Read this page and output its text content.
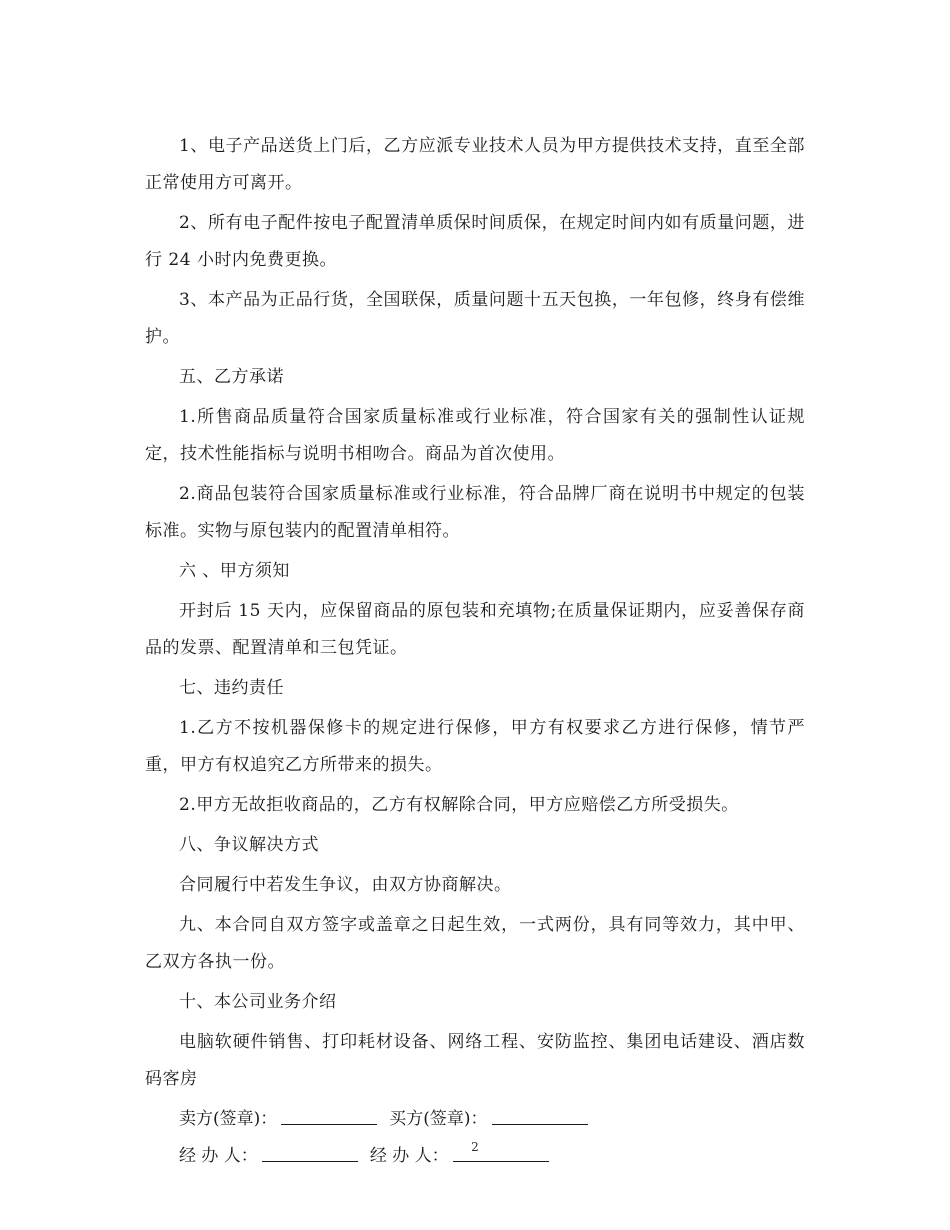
1、电子产品送货上门后，乙方应派专业技术人员为甲方提供技术支持，直至全部正常使用方可离开。

2、所有电子配件按电子配置清单质保时间质保，在规定时间内如有质量问题，进行 24 小时内免费更换。

3、本产品为正品行货，全国联保，质量问题十五天包换，一年包修，终身有偿维护。

五、乙方承诺

1.所售商品质量符合国家质量标准或行业标准，符合国家有关的强制性认证规定，技术性能指标与说明书相吻合。商品为首次使用。

2.商品包装符合国家质量标准或行业标准，符合品牌厂商在说明书中规定的包装标准。实物与原包装内的配置清单相符。

六 、甲方须知

开封后 15 天内，应保留商品的原包装和充填物;在质量保证期内，应妥善保存商品的发票、配置清单和三包凭证。

七、违约责任

1.乙方不按机器保修卡的规定进行保修，甲方有权要求乙方进行保修，情节严重，甲方有权追究乙方所带来的损失。

2.甲方无故拒收商品的，乙方有权解除合同，甲方应赔偿乙方所受损失。

八、争议解决方式

合同履行中若发生争议，由双方协商解决。

九、本合同自双方签字或盖章之日起生效，一式两份，具有同等效力，其中甲、乙双方各执一份。

十、本公司业务介绍

电脑软硬件销售、打印耗材设备、网络工程、安防监控、集团电话建设、酒店数码客房

卖方(签章)：	买方(签章)：
经 办 人：	经 办 人：	2
